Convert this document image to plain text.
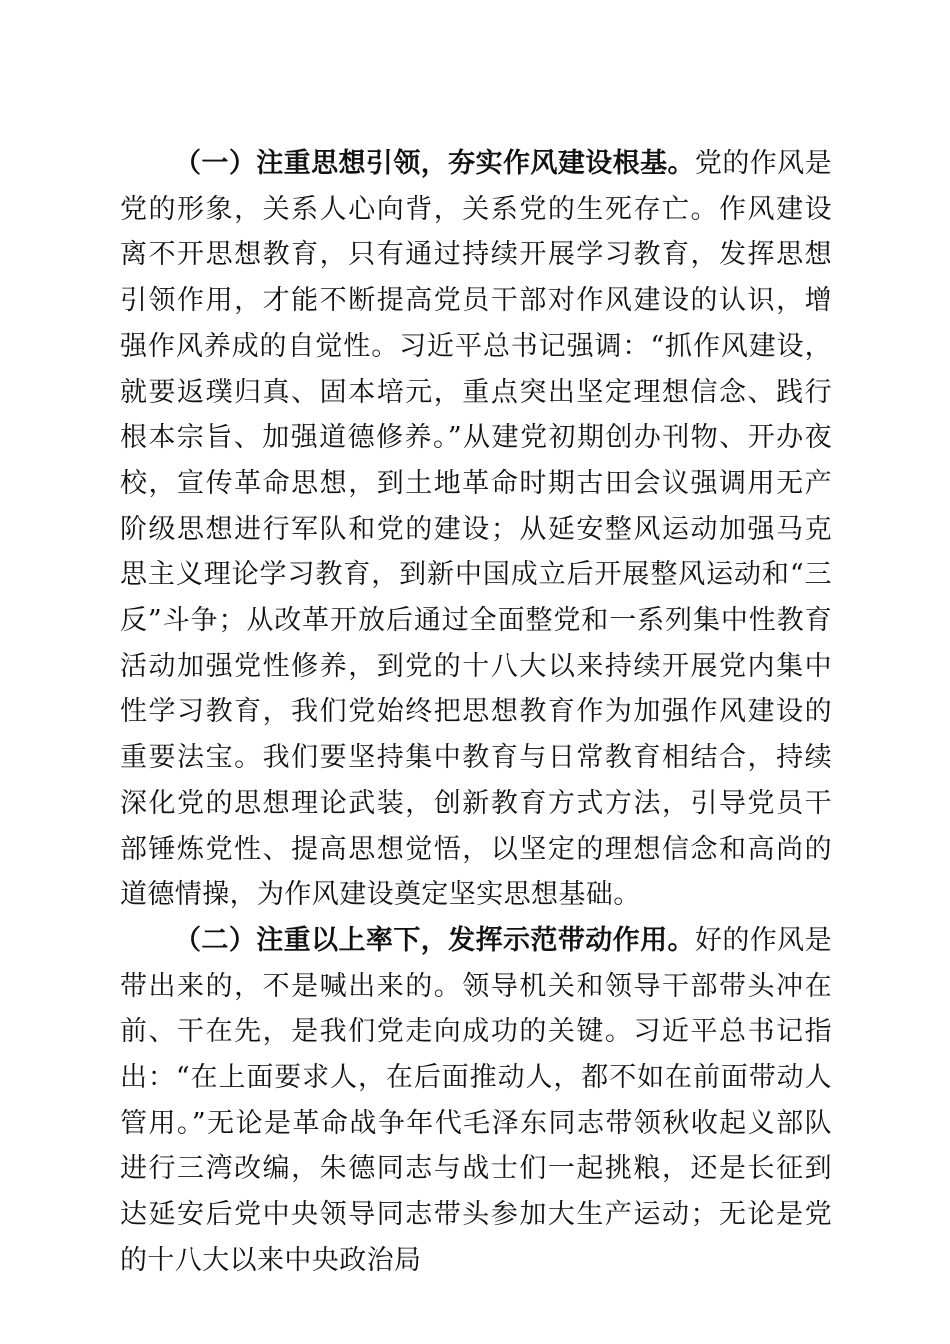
（一）注重思想引领，夯实作风建设根基。党的作风是党的形象，关系人心向背，关系党的生死存亡。作风建设离不开思想教育，只有通过持续开展学习教育，发挥思想引领作用，才能不断提高党员干部对作风建设的认识，增强作风养成的自觉性。习近平总书记强调：“抓作风建设，就要返璞归真、固本培元，重点突出坚定理想信念、践行根本宗旨、加强道德修养。”从建党初期创办刊物、开办夜校，宣传革命思想，到土地革命时期古田会议强调用无产阶级思想进行军队和党的建设；从延安整风运动加强马克思主义理论学习教育，到新中国成立后开展整风运动和“三反”斗争；从改革开放后通过全面整党和一系列集中性教育活动加强党性修养，到党的十八大以来持续开展党内集中性学习教育，我们党始终把思想教育作为加强作风建设的重要法宝。我们要坚持集中教育与日常教育相结合，持续深化党的思想理论武装，创新教育方式方法，引导党员干部锤炼党性、提高思想觉悟，以坚定的理想信念和高尚的道德情操，为作风建设奠定坚实思想基础。

（二）注重以上率下，发挥示范带动作用。好的作风是带出来的，不是喊出来的。领导机关和领导干部带头冲在前、干在先，是我们党走向成功的关键。习近平总书记指出：“在上面要求人，在后面推动人，都不如在前面带动人管用。”无论是革命战争年代毛泽东同志带领秋收起义部队进行三湾改编，朱德同志与战士们一起挑粮，还是长征到达延安后党中央领导同志带头参加大生产运动；无论是党的十八大以来中央政治局
